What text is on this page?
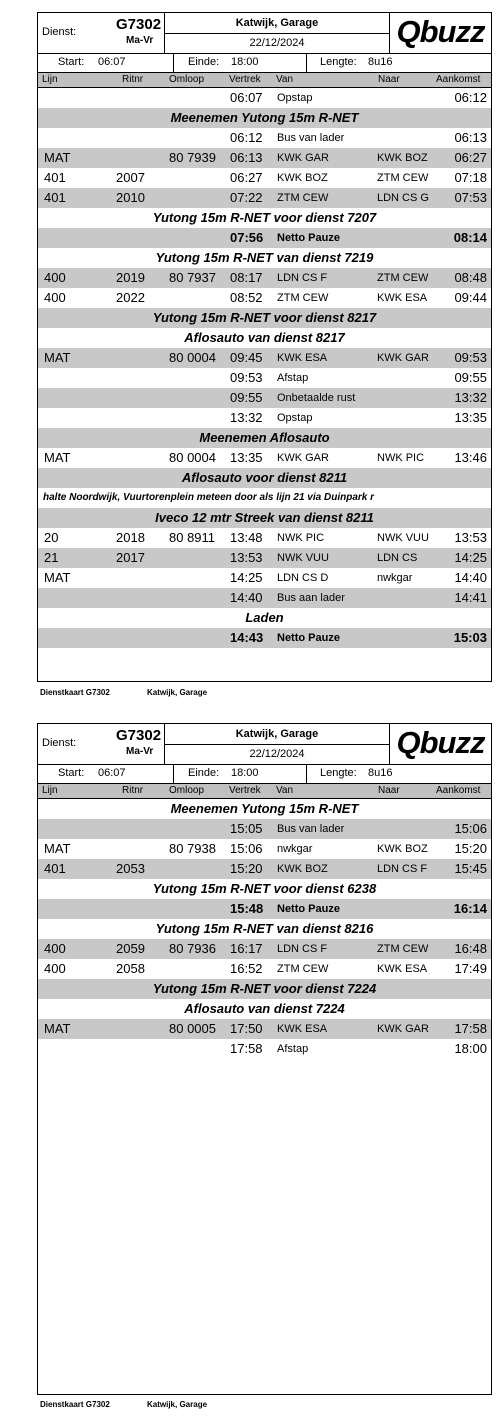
Dienst:	G7302
Ma-Vr
Katwijk, Garage
22/12/2024	Qbuzz
Start: 06:07	Einde: 18:00	Lengte: 8u16
Lijn	Ritnr	Omloop Vertrek Van	Naar	Aankomst
06:07 Opstap	06:12
Meenemen Yutong 15m R-NET
06:12 Bus van lader	06:13
MAT	80 7939 06:13 KWK GAR	KWK BOZ 06:27
401	2007	06:27 KWK BOZ	ZTM CEW 07:18
401	2010	07:22 ZTM CEW	LDN CS G 07:53
Yutong 15m R-NET voor dienst 7207
07:56 Netto Pauze	08:14
Yutong 15m R-NET van dienst 7219
400	2019 80 7937 08:17 LDN CS F	ZTM CEW 08:48
400	2022	08:52 ZTM CEW	KWK ESA 09:44
Yutong 15m R-NET voor dienst 8217
Aflosauto van dienst 8217
MAT	80 0004 09:45 KWK ESA	KWK GAR 09:53
09:53 Afstap	09:55
09:55 Onbetaalde rust	13:32
13:32 Opstap	13:35
Meenemen Aflosauto
MAT	80 0004 13:35 KWK GAR	NWK PIC 13:46
Aflosauto voor dienst 8211
halte Noordwijk, Vuurtorenplein meteen door als lijn 21 via Duinpark r
Iveco 12 mtr Streek van dienst 8211
20	2018 80 8911 13:48 NWK PIC	NWK VUU 13:53
21	2017	13:53 NWK VUU	LDN CS	14:25
MAT	14:25 LDN CS D	nwkgar	14:40
14:40 Bus aan lader	14:41
Laden
14:43 Netto Pauze	15:03
Dienstkaart G7302	Katwijk, Garage
Dienst:	G7302
Ma-Vr
Katwijk, Garage
22/12/2024	Qbuzz
Start: 06:07	Einde: 18:00	Lengte: 8u16
Lijn	Ritnr	Omloop Vertrek Van	Naar	Aankomst
Meenemen Yutong 15m R-NET
15:05 Bus van lader	15:06
MAT	80 7938 15:06 nwkgar	KWK BOZ 15:20
401	2053	15:20 KWK BOZ	LDN CS F 15:45
Yutong 15m R-NET voor dienst 6238
15:48 Netto Pauze	16:14
Yutong 15m R-NET van dienst 8216
400	2059 80 7936 16:17 LDN CS F	ZTM CEW 16:48
400	2058	16:52 ZTM CEW	KWK ESA 17:49
Yutong 15m R-NET voor dienst 7224
Aflosauto van dienst 7224
MAT	80 0005 17:50 KWK ESA	KWK GAR 17:58
17:58 Afstap	18:00
Dienstkaart G7302	Katwijk, Garage
